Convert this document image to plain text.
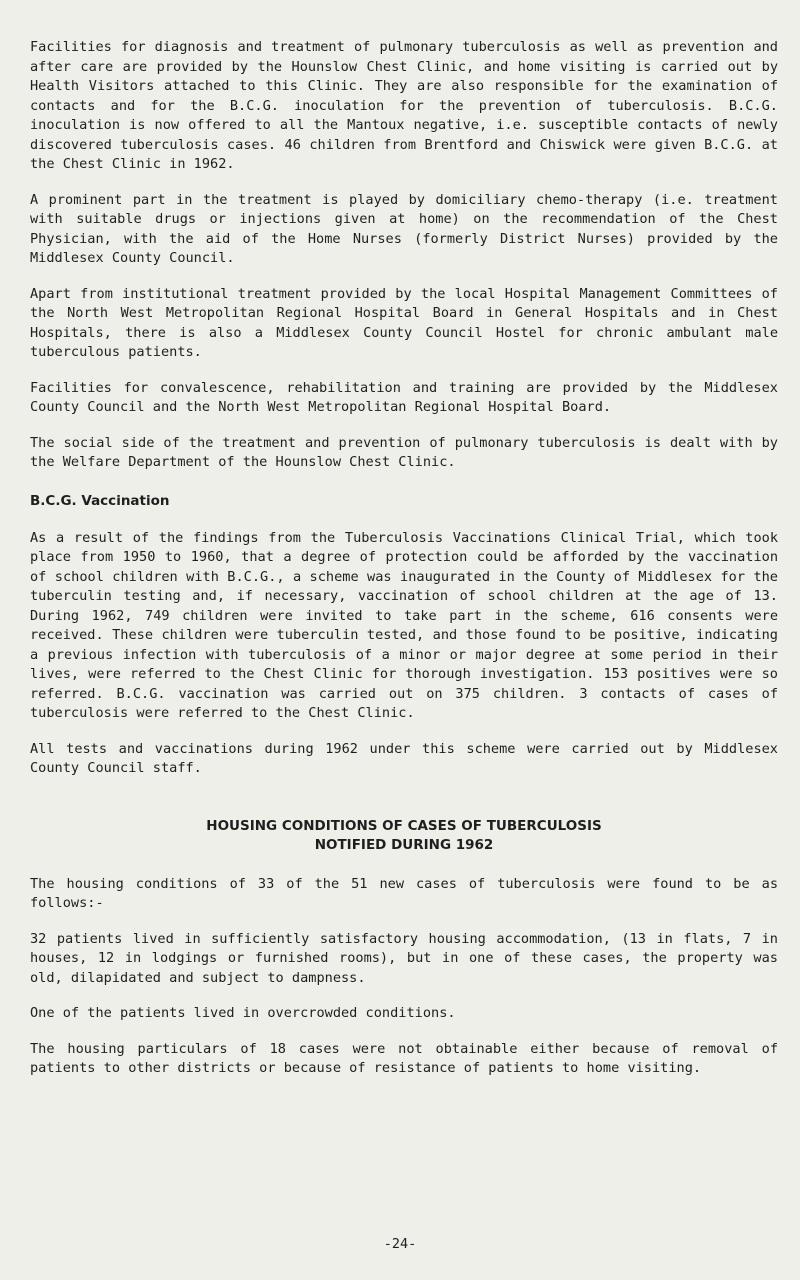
Facilities for diagnosis and treatment of pulmonary tuberculosis as well as prevention and after care are provided by the Hounslow Chest Clinic, and home visiting is carried out by Health Visitors attached to this Clinic. They are also responsible for the examination of contacts and for the B.C.G. inoculation for the prevention of tuberculosis. B.C.G. inoculation is now offered to all the Mantoux negative, i.e. susceptible contacts of newly discovered tuberculosis cases. 46 children from Brentford and Chiswick were given B.C.G. at the Chest Clinic in 1962.

A prominent part in the treatment is played by domiciliary chemo-therapy (i.e. treatment with suitable drugs or injections given at home) on the recommendation of the Chest Physician, with the aid of the Home Nurses (formerly District Nurses) provided by the Middlesex County Council.

Apart from institutional treatment provided by the local Hospital Management Committees of the North West Metropolitan Regional Hospital Board in General Hospitals and in Chest Hospitals, there is also a Middlesex County Council Hostel for chronic ambulant male tuberculous patients.

Facilities for convalescence, rehabilitation and training are provided by the Middlesex County Council and the North West Metropolitan Regional Hospital Board.

The social side of the treatment and prevention of pulmonary tuberculosis is dealt with by the Welfare Department of the Hounslow Chest Clinic.

B.C.G. Vaccination

As a result of the findings from the Tuberculosis Vaccinations Clinical Trial, which took place from 1950 to 1960, that a degree of protection could be afforded by the vaccination of school children with B.C.G., a scheme was inaugurated in the County of Middlesex for the tuberculin testing and, if necessary, vaccination of school children at the age of 13. During 1962, 749 children were invited to take part in the scheme, 616 consents were received. These children were tuberculin tested, and those found to be positive, indicating a previous infection with tuberculosis of a minor or major degree at some period in their lives, were referred to the Chest Clinic for thorough investigation. 153 positives were so referred. B.C.G. vaccination was carried out on 375 children. 3 contacts of cases of tuberculosis were referred to the Chest Clinic.

All tests and vaccinations during 1962 under this scheme were carried out by Middlesex County Council staff.

HOUSING CONDITIONS OF CASES OF TUBERCULOSIS
NOTIFIED DURING 1962

The housing conditions of 33 of the 51 new cases of tuberculosis were found to be as follows:-

32 patients lived in sufficiently satisfactory housing accommodation, (13 in flats, 7 in houses, 12 in lodgings or furnished rooms), but in one of these cases, the property was old, dilapidated and subject to dampness.

One of the patients lived in overcrowded conditions.

The housing particulars of 18 cases were not obtainable either because of removal of patients to other districts or because of resistance of patients to home visiting.

-24-
